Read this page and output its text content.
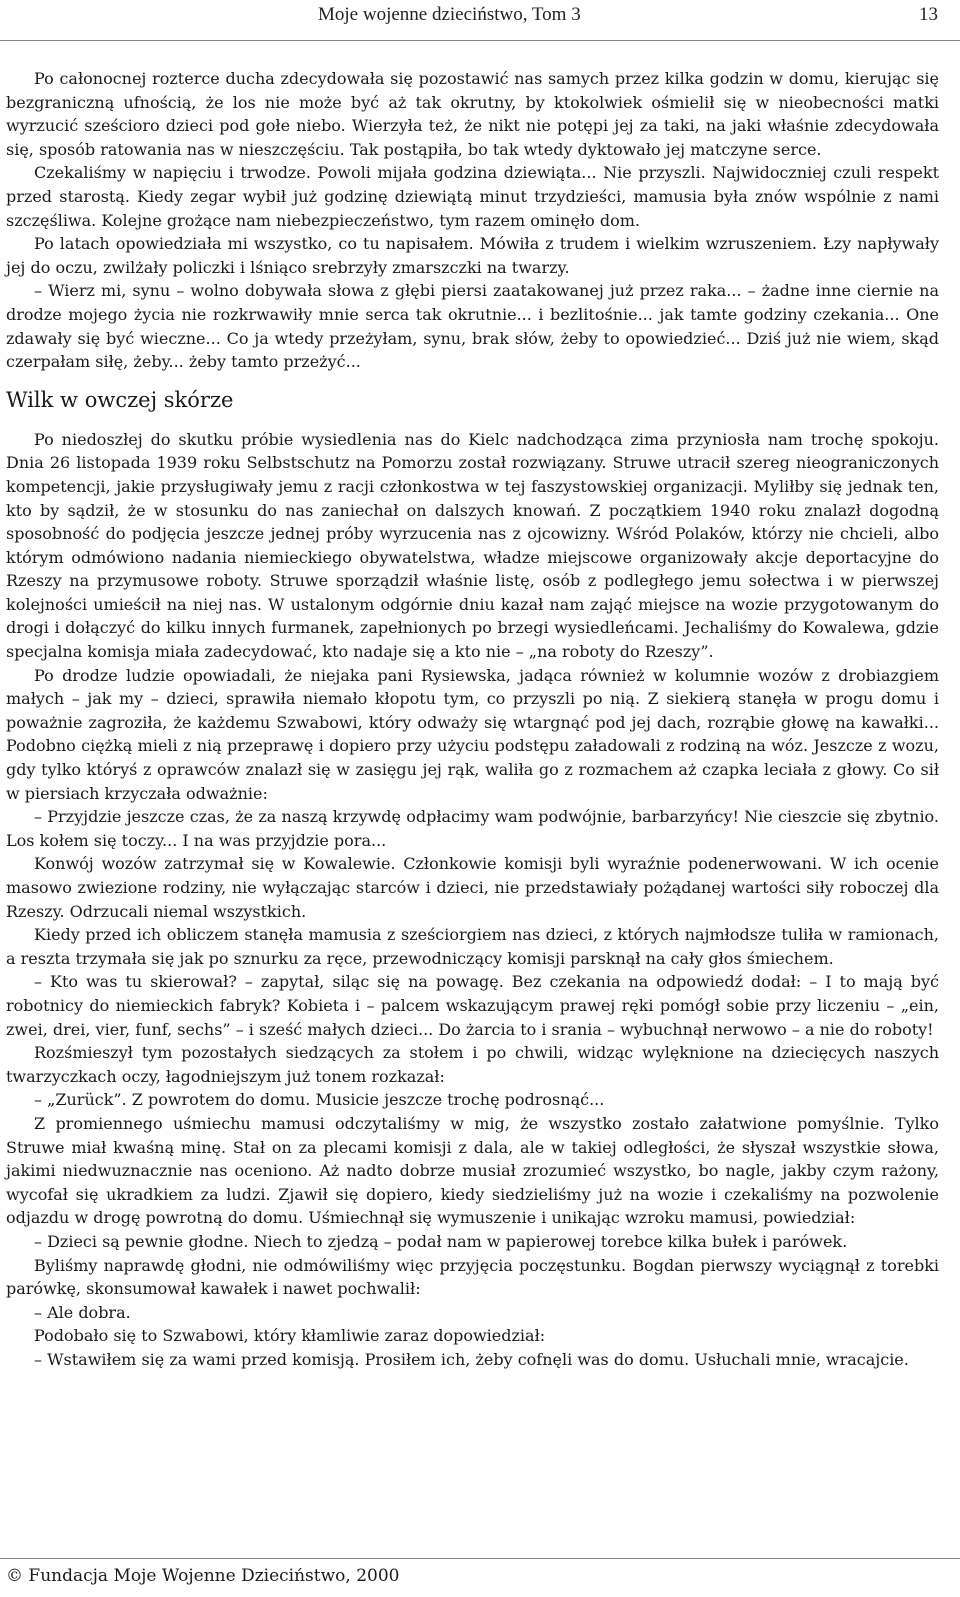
Moje wojenne dzieciństwo, Tom 3	13

Po całonocnej rozterce ducha zdecydowała się pozostawić nas samych przez kilka godzin w domu, kierując się bezgraniczną ufnością, że los nie może być aż tak okrutny, by ktokolwiek ośmielił się w nieobecności matki wyrzucić sześcioro dzieci pod gołe niebo. Wierzyła też, że nikt nie potępi jej za taki, na jaki właśnie zdecydowała się, sposób ratowania nas w nieszczęściu. Tak postąpiła, bo tak wtedy dyktowało jej matczyne serce.

Czekaliśmy w napięciu i trwodze. Powoli mijała godzina dziewiąta... Nie przyszli. Najwidoczniej czuli respekt przed starostą. Kiedy zegar wybił już godzinę dziewiątą minut trzydzieści, mamusia była znów wspólnie z nami szczęśliwa. Kolejne grożące nam niebezpieczeństwo, tym razem ominęło dom.

Po latach opowiedziała mi wszystko, co tu napisałem. Mówiła z trudem i wielkim wzruszeniem. Łzy napływały jej do oczu, zwilżały policzki i lśniąco srebrzyły zmarszczki na twarzy.

– Wierz mi, synu – wolno dobywała słowa z głębi piersi zaatakowanej już przez raka... – żadne inne ciernie na drodze mojego życia nie rozkrwawiły mnie serca tak okrutnie... i bezlitośnie... jak tamte godziny czekania... One zdawały się być wieczne... Co ja wtedy przeżyłam, synu, brak słów, żeby to opowiedzieć... Dziś już nie wiem, skąd czerpałam siłę, żeby... żeby tamto przeżyć...

Wilk w owczej skórze

Po niedoszłej do skutku próbie wysiedlenia nas do Kielc nadchodząca zima przyniosła nam trochę spokoju. Dnia 26 listopada 1939 roku Selbstschutz na Pomorzu został rozwiązany. Struwe utracił szereg nieograniczonych kompetencji, jakie przysługiwały jemu z racji członkostwa w tej faszystowskiej organizacji. Myliłby się jednak ten, kto by sądził, że w stosunku do nas zaniechał on dalszych knowań. Z początkiem 1940 roku znalazł dogodną sposobność do podjęcia jeszcze jednej próby wyrzucenia nas z ojcowizny. Wśród Polaków, którzy nie chcieli, albo którym odmówiono nadania niemieckiego obywatelstwa, władze miejscowe organizowały akcje deportacyjne do Rzeszy na przymusowe roboty. Struwe sporządził właśnie listę, osób z podległego jemu sołectwa i w pierwszej kolejności umieścił na niej nas. W ustalonym odgórnie dniu kazał nam zająć miejsce na wozie przygotowanym do drogi i dołączyć do kilku innych furmanek, zapełnionych po brzegi wysiedleńcami. Jechaliśmy do Kowalewa, gdzie specjalna komisja miała zadecydować, kto nadaje się a kto nie – „na roboty do Rzeszy”.

Po drodze ludzie opowiadali, że niejaka pani Rysiewska, jadąca również w kolumnie wozów z drobiazgiem małych – jak my – dzieci, sprawiła niemało kłopotu tym, co przyszli po nią. Z siekierą stanęła w progu domu i poważnie zagroziła, że każdemu Szwabowi, który odważy się wtargnąć pod jej dach, rozrąbie głowę na kawałki... Podobno ciężką mieli z nią przeprawę i dopiero przy użyciu podstępu załadowali z rodziną na wóz. Jeszcze z wozu, gdy tylko któryś z oprawców znalazł się w zasięgu jej rąk, waliła go z rozmachem aż czapka leciała z głowy. Co sił w piersiach krzyczała odważnie:

– Przyjdzie jeszcze czas, że za naszą krzywdę odpłacimy wam podwójnie, barbarzyńcy! Nie cieszcie się zbytnio. Los kołem się toczy... I na was przyjdzie pora...

Konwój wozów zatrzymał się w Kowalewie. Członkowie komisji byli wyraźnie podenerwowani. W ich ocenie masowo zwiezione rodziny, nie wyłączając starców i dzieci, nie przedstawiały pożądanej wartości siły roboczej dla Rzeszy. Odrzucali niemal wszystkich.

Kiedy przed ich obliczem stanęła mamusia z sześciorgiem nas dzieci, z których najmłodsze tuliła w ramionach, a reszta trzymała się jak po sznurku za ręce, przewodniczący komisji parsknął na cały głos śmiechem.

– Kto was tu skierował? – zapytał, siląc się na powagę. Bez czekania na odpowiedź dodał: – I to mają być robotnicy do niemieckich fabryk? Kobieta i – palcem wskazującym prawej ręki pomógł sobie przy liczeniu – „ein, zwei, drei, vier, funf, sechs” – i sześć małych dzieci... Do żarcia to i srania – wybuchnął nerwowo – a nie do roboty!

Rozśmieszył tym pozostałych siedzących za stołem i po chwili, widząc wylęknione na dziecięcych naszych twarzyczkach oczy, łagodniejszym już tonem rozkazał:

– „Zurück”. Z powrotem do domu. Musicie jeszcze trochę podrosnąć...

Z promiennego uśmiechu mamusi odczytaliśmy w mig, że wszystko zostało załatwione pomyślnie. Tylko Struwe miał kwaśną minę. Stał on za plecami komisji z dala, ale w takiej odległości, że słyszał wszystkie słowa, jakimi niedwuznacznie nas oceniono. Aż nadto dobrze musiał zrozumieć wszystko, bo nagle, jakby czym rażony, wycofał się ukradkiem za ludzi. Zjawił się dopiero, kiedy siedzieliśmy już na wozie i czekaliśmy na pozwolenie odjazdu w drogę powrotną do domu. Uśmiechnął się wymuszenie i unikając wzroku mamusi, powiedział:

– Dzieci są pewnie głodne. Niech to zjedzą – podał nam w papierowej torebce kilka bułek i parówek.

Byliśmy naprawdę głodni, nie odmówiliśmy więc przyjęcia poczęstunku. Bogdan pierwszy wyciągnął z torebki parówkę, skonsumował kawałek i nawet pochwalił:

– Ale dobra.

Podobało się to Szwabowi, który kłamliwie zaraz dopowiedział:

– Wstawiłem się za wami przed komisją. Prosiłem ich, żeby cofnęli was do domu. Usłuchali mnie, wracajcie.

© Fundacja Moje Wojenne Dzieciństwo, 2000
